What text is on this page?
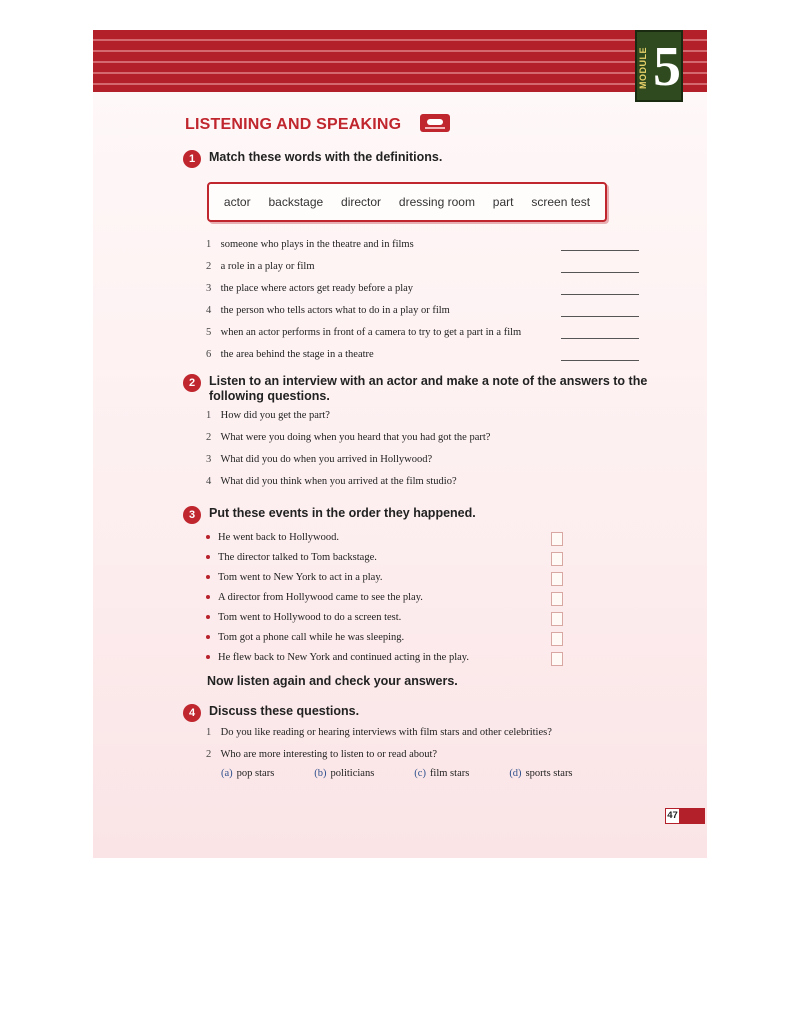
MODULE 5
LISTENING AND SPEAKING
1	Match these words with the definitions.
actor backstage director dressing room part screen test
1 someone who plays in the theatre and in films
2 a role in a play or film
3 the place where actors get ready before a play
4 the person who tells actors what to do in a play or film
5 when an actor performs in front of a camera to try to get a part in a film
6 the area behind the stage in a theatre
2	Listen to an interview with an actor and make a note of the answers to the following questions.
1 How did you get the part?
2 What were you doing when you heard that you had got the part?
3 What did you do when you arrived in Hollywood?
4 What did you think when you arrived at the film studio?
3	Put these events in the order they happened.
He went back to Hollywood.
The director talked to Tom backstage.
Tom went to New York to act in a play.
A director from Hollywood came to see the play.
Tom went to Hollywood to do a screen test.
Tom got a phone call while he was sleeping.
He flew back to New York and continued acting in the play.
Now listen again and check your answers.
4	Discuss these questions.
1 Do you like reading or hearing interviews with film stars and other celebrities?
2 Who are more interesting to listen to or read about?
(a) pop stars	(b) politicians	(c) film stars	(d) sports stars
47
